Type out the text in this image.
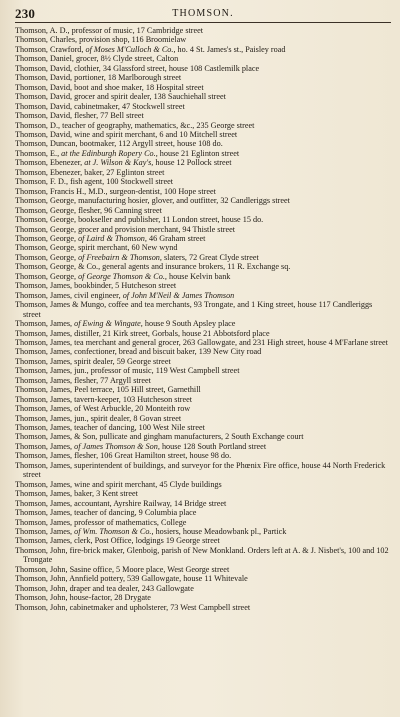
230	THOMSON.
Thomson, A. D., professor of music, 17 Cambridge street
Thomson, Charles, provision shop, 116 Broomielaw
Thomson, Crawford, of Moses M'Culloch & Co., ho. 4 St. James's st., Paisley road
Thomson, Daniel, grocer, 8½ Clyde street, Calton
Thomson, David, clothier, 34 Glassford street, house 108 Castlemilk place
Thomson, David, portioner, 18 Marlborough street
Thomson, David, boot and shoe maker, 18 Hospital street
Thomson, David, grocer and spirit dealer, 138 Sauchiehall street
Thomson, David, cabinetmaker, 47 Stockwell street
Thomson, David, flesher, 77 Bell street
Thomson, D., teacher of geography, mathematics, &c., 235 George street
Thomson, David, wine and spirit merchant, 6 and 10 Mitchell street
Thomson, Duncan, bootmaker, 112 Argyll street, house 108 do.
Thomson, E., at the Edinburgh Ropery Co., house 21 Eglinton street
Thomson, Ebenezer, at J. Wilson & Kay's, house 12 Pollock street
Thomson, Ebenezer, baker, 27 Eglinton street
Thomson, F. D., fish agent, 100 Stockwell street
Thomson, Francis H., M.D., surgeon-dentist, 100 Hope street
Thomson, George, manufacturing hosier, glover, and outfitter, 32 Candleriggs street
Thomson, George, flesher, 96 Canning street
Thomson, George, bookseller and publisher, 11 London street, house 15 do.
Thomson, George, grocer and provision merchant, 94 Thistle street
Thomson, George, of Laird & Thomson, 46 Graham street
Thomson, George, spirit merchant, 60 New wynd
Thomson, George, of Freebairn & Thomson, slaters, 72 Great Clyde street
Thomson, George, & Co., general agents and insurance brokers, 11 R. Exchange sq.
Thomson, George, of George Thomson & Co., house Kelvin bank
Thomson, James, bookbinder, 5 Hutcheson street
Thomson, James, civil engineer, of John M'Neil & James Thomson
Thomson, James & Mungo, coffee and tea merchants, 93 Trongate, and 1 King street, house 117 Candleriggs street
Thomson, James, of Ewing & Wingate, house 9 South Apsley place
Thomson, James, distiller, 21 Kirk street, Gorbals, house 21 Abbotsford place
Thomson, James, tea merchant and general grocer, 263 Gallowgate, and 231 High street, house 4 M'Farlane street
Thomson, James, confectioner, bread and biscuit baker, 139 New City road
Thomson, James, spirit dealer, 59 George street
Thomson, James, jun., professor of music, 119 West Campbell street
Thomson, James, flesher, 77 Argyll street
Thomson, James, Peel terrace, 105 Hill street, Garnethill
Thomson, James, tavern-keeper, 103 Hutcheson street
Thomson, James, of West Arbuckle, 20 Monteith row
Thomson, James, jun., spirit dealer, 8 Govan street
Thomson, James, teacher of dancing, 100 West Nile street
Thomson, James, & Son, pullicate and gingham manufacturers, 2 South Exchange court
Thomson, James, of James Thomson & Son, house 128 South Portland street
Thomson, James, flesher, 106 Great Hamilton street, house 98 do.
Thomson, James, superintendent of buildings, and surveyor for the Phœnix Fire office, house 44 North Frederick street
Thomson, James, wine and spirit merchant, 45 Clyde buildings
Thomson, James, baker, 3 Kent street
Thomson, James, accountant, Ayrshire Railway, 14 Bridge street
Thomson, James, teacher of dancing, 9 Columbia place
Thomson, James, professor of mathematics, College
Thomson, James, of Wm. Thomson & Co., hosiers, house Meadowbank pl., Partick
Thomson, James, clerk, Post Office, lodgings 19 George street
Thomson, John, fire-brick maker, Glenboig, parish of New Monkland. Orders left at A. & J. Nisbet's, 100 and 102 Trongate
Thomson, John, Sasine office, 5 Moore place, West George street
Thomson, John, Annfield pottery, 539 Gallowgate, house 11 Whitevale
Thomson, John, draper and tea dealer, 243 Gallowgate
Thomson, John, house-factor, 28 Drygate
Thomson, John, cabinetmaker and upholsterer, 73 West Campbell street
